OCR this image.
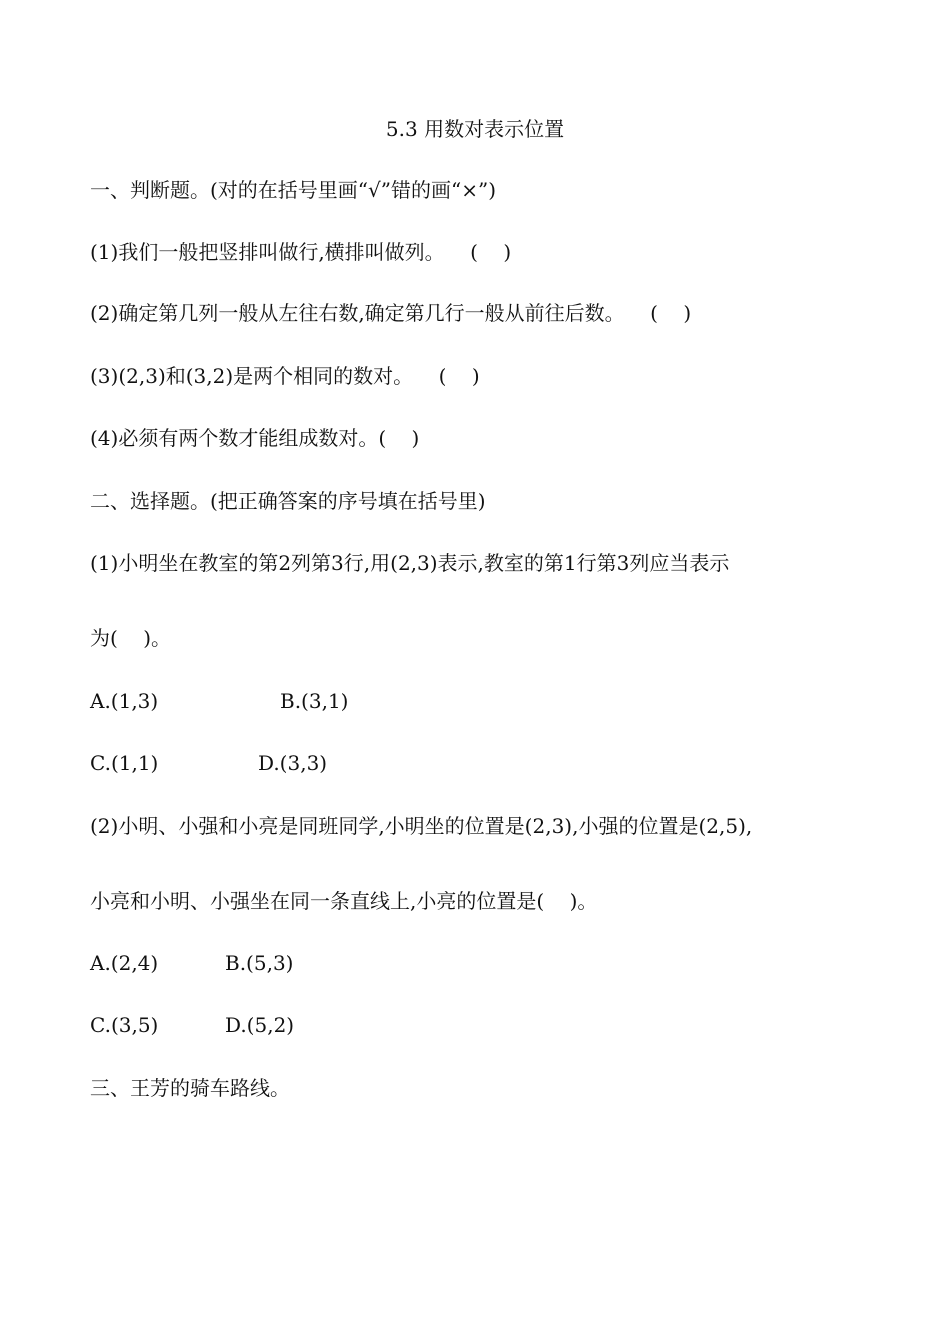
5.3 用数对表示位置
一、判断题。(对的在括号里画“√”错的画“×”)
(1)我们一般把竖排叫做行,横排叫做列。    (    )
(2)确定第几列一般从左往右数,确定第几行一般从前往后数。    (    )
(3)(2,3)和(3,2)是两个相同的数对。    (    )
(4)必须有两个数才能组成数对。(    )
二、选择题。(把正确答案的序号填在括号里)
(1)小明坐在教室的第2列第3行,用(2,3)表示,教室的第1行第3列应当表示
为(    )。
A.(1,3)	B.(3,1)
C.(1,1)	D.(3,3)
(2)小明、小强和小亮是同班同学,小明坐的位置是(2,3),小强的位置是(2,5),
小亮和小明、小强坐在同一条直线上,小亮的位置是(    )。
A.(2,4)	B.(5,3)
C.(3,5)	D.(5,2)
三、王芳的骑车路线。
